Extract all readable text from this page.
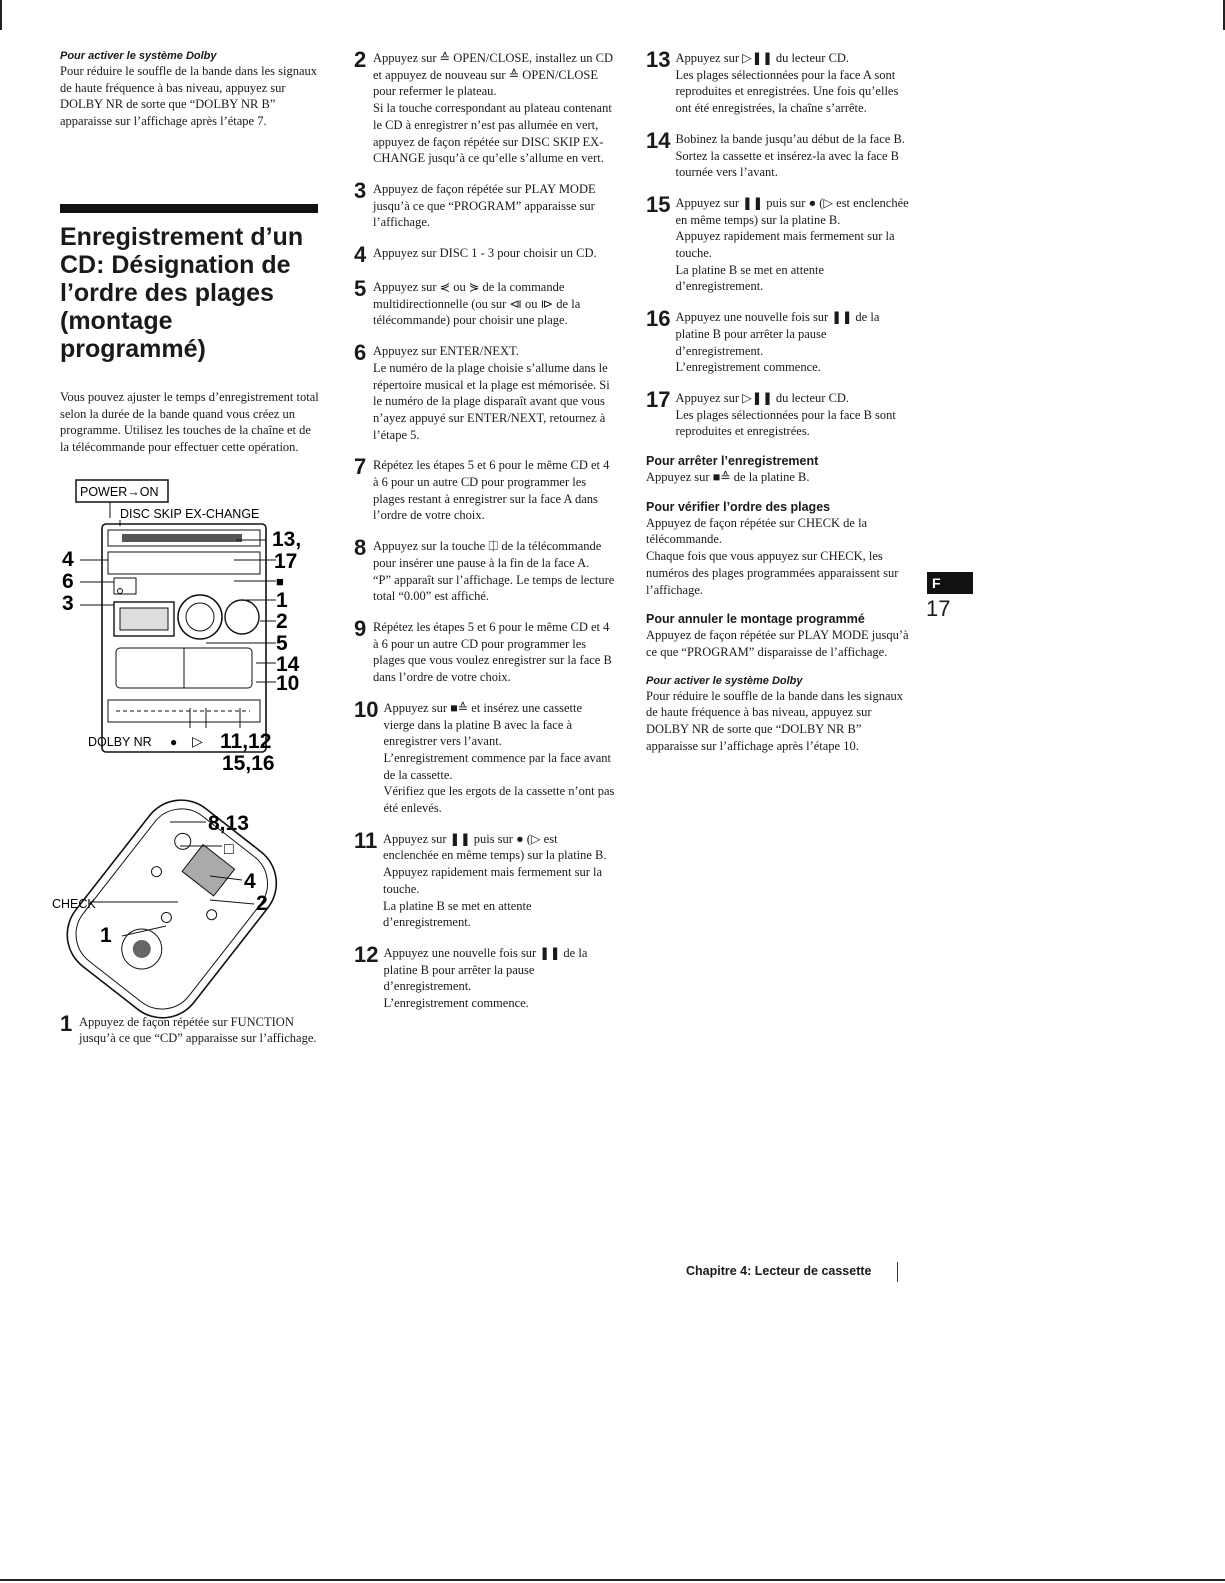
Pour activer le système Dolby

Pour réduire le souffle de la bande dans les signaux de haute fréquence à bas niveau, appuyez sur DOLBY NR de sorte que “DOLBY NR B” apparaisse sur l’affichage après l’étape 7.

Enregistrement d’un CD: Désignation de l’ordre des plages (montage programmé)

Vous pouvez ajuster le temps d’enregistrement total selon la durée de la bande quand vous créez un programme. Utilisez les touches de la chaîne et de la télécommande pour effectuer cette opération.

POWER→ON
DISC SKIP EX-CHANGE
4
6
3
13,
17
■
1
2
5
14
10
DOLBY NR ● ▷ 11,12
15,16
8,13
□
4
CHECK	2
1
1 Appuyez de façon répétée sur FUNCTION jusqu’à ce que “CD” apparaisse sur l’affichage.

2 Appuyez sur ≙ OPEN/CLOSE, installez un CD et appuyez de nouveau sur ≙ OPEN/CLOSE pour refermer le plateau.
Si la touche correspondant au plateau contenant le CD à enregistrer n’est pas allumée en vert, appuyez de façon répétée sur DISC SKIP EX-CHANGE jusqu’à ce qu’elle s’allume en vert.

3 Appuyez de façon répétée sur PLAY MODE jusqu’à ce que “PROGRAM” apparaisse sur l’affichage.

4 Appuyez sur DISC 1 - 3 pour choisir un CD.

5 Appuyez sur ⋞ ou ⋟ de la commande multidirectionnelle (ou sur ⧏ ou ⧐ de la télécommande) pour choisir une plage.

6 Appuyez sur ENTER/NEXT.
Le numéro de la plage choisie s’allume dans le répertoire musical et la plage est mémorisée. Si le numéro de la plage disparaît avant que vous n’ayez appuyé sur ENTER/NEXT, retournez à l’étape 5.

7 Répétez les étapes 5 et 6 pour le même CD et 4 à 6 pour un autre CD pour programmer les plages restant à enregistrer sur la face A dans l’ordre de votre choix.

8 Appuyez sur la touche ⎅ de la télécommande pour insérer une pause à la fin de la face A.
“P” apparaît sur l’affichage. Le temps de lecture total “0.00” est affiché.

9 Répétez les étapes 5 et 6 pour le même CD et 4 à 6 pour un autre CD pour programmer les plages que vous voulez enregistrer sur la face B dans l’ordre de votre choix.

10 Appuyez sur ■≙ et insérez une cassette vierge dans la platine B avec la face à enregistrer vers l’avant.
L’enregistrement commence par la face avant de la cassette.
Vérifiez que les ergots de la cassette n’ont pas été enlevés.

11 Appuyez sur ❚❚ puis sur ● (▷ est enclenchée en même temps) sur la platine B.
Appuyez rapidement mais fermement sur la touche.
La platine B se met en attente d’enregistrement.

12 Appuyez une nouvelle fois sur ❚❚ de la platine B pour arrêter la pause d’enregistrement.
L’enregistrement commence.

13 Appuyez sur ▷❚❚ du lecteur CD.
Les plages sélectionnées pour la face A sont reproduites et enregistrées. Une fois qu’elles ont été enregistrées, la chaîne s’arrête.

14 Bobinez la bande jusqu’au début de la face B.
Sortez la cassette et insérez-la avec la face B tournée vers l’avant.

15 Appuyez sur ❚❚ puis sur ● (▷ est enclenchée en même temps) sur la platine B.
Appuyez rapidement mais fermement sur la touche.
La platine B se met en attente d’enregistrement.

16 Appuyez une nouvelle fois sur ❚❚ de la platine B pour arrêter la pause d’enregistrement.
L’enregistrement commence.

17 Appuyez sur ▷❚❚ du lecteur CD.
Les plages sélectionnées pour la face B sont reproduites et enregistrées.

Pour arrêter l’enregistrement

Appuyez sur ■≙ de la platine B.

Pour vérifier l’ordre des plages

Appuyez de façon répétée sur CHECK de la télécommande.
Chaque fois que vous appuyez sur CHECK, les numéros des plages programmées apparaissent sur l’affichage.

Pour annuler le montage programmé

Appuyez de façon répétée sur PLAY MODE jusqu’à ce que “PROGRAM” disparaisse de l’affichage.

Pour activer le système Dolby

Pour réduire le souffle de la bande dans les signaux de haute fréquence à bas niveau, appuyez sur DOLBY NR de sorte que “DOLBY NR B” apparaisse sur l’affichage après l’étape 10.

F
17
Chapitre 4: Lecteur de cassette
